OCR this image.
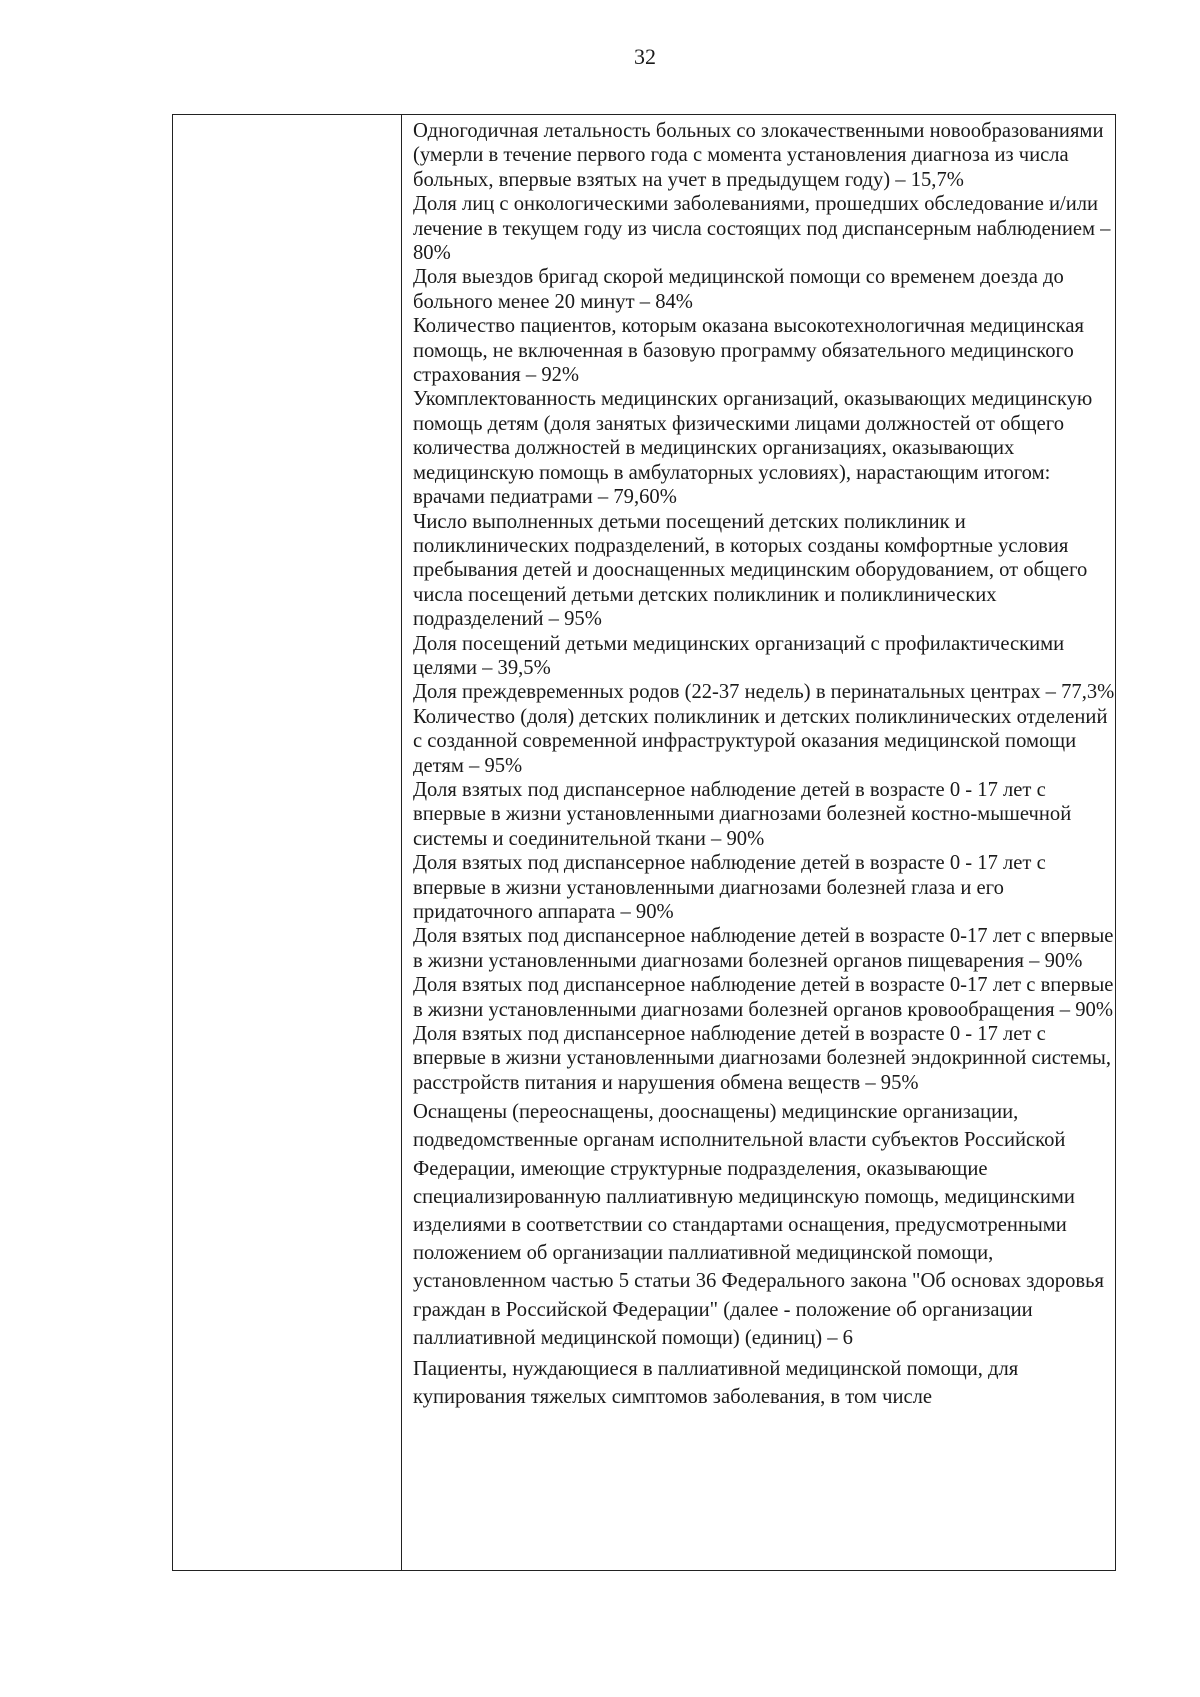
32

Одногодичная летальность больных со злокачественными новообразованиями (умерли в течение первого года с момента установления диагноза из числа больных, впервые взятых на учет в предыдущем году) – 15,7%

Доля лиц с онкологическими заболеваниями, прошедших обследование и/или лечение в текущем году из числа состоящих под диспансерным наблюдением – 80%

Доля выездов бригад скорой медицинской помощи со временем доезда до больного менее 20 минут – 84%

Количество пациентов, которым оказана высокотехнологичная медицинская помощь, не включенная в базовую программу обязательного медицинского страхования – 92%

Укомплектованность медицинских организаций, оказывающих медицинскую помощь детям (доля занятых физическими лицами должностей от общего количества должностей в медицинских организациях, оказывающих медицинскую помощь в амбулаторных условиях), нарастающим итогом: врачами педиатрами – 79,60%

Число выполненных детьми посещений детских поликлиник и поликлинических подразделений, в которых созданы комфортные условия пребывания детей и дооснащенных медицинским оборудованием, от общего числа посещений детьми детских поликлиник и поликлинических подразделений – 95%

Доля посещений детьми медицинских организаций с профилактическими целями – 39,5%

Доля преждевременных родов (22-37 недель) в перинатальных центрах – 77,3%

Количество (доля) детских поликлиник и детских поликлинических отделений с созданной современной инфраструктурой оказания медицинской помощи детям – 95%

Доля взятых под диспансерное наблюдение детей в возрасте 0 - 17 лет с впервые в жизни установленными диагнозами болезней костно-мышечной системы и соединительной ткани – 90%

Доля взятых под диспансерное наблюдение детей в возрасте 0 - 17 лет с впервые в жизни установленными диагнозами болезней глаза и его придаточного аппарата – 90%

Доля взятых под диспансерное наблюдение детей в возрасте 0-17 лет с впервые в жизни установленными диагнозами болезней органов пищеварения – 90%

Доля взятых под диспансерное наблюдение детей в возрасте 0-17 лет с впервые в жизни установленными диагнозами болезней органов кровообращения – 90%

Доля взятых под диспансерное наблюдение детей в возрасте 0 - 17 лет с впервые в жизни установленными диагнозами болезней эндокринной системы, расстройств питания и нарушения обмена веществ – 95%

Оснащены (переоснащены, дооснащены) медицинские организации, подведомственные органам исполнительной власти субъектов Российской Федерации, имеющие структурные подразделения, оказывающие специализированную паллиативную медицинскую помощь, медицинскими изделиями в соответствии со стандартами оснащения, предусмотренными положением об организации паллиативной медицинской помощи, установленном частью 5 статьи 36 Федерального закона "Об основах здоровья граждан в Российской Федерации" (далее - положение об организации паллиативной медицинской помощи) (единиц) – 6

Пациенты, нуждающиеся в паллиативной медицинской помощи, для купирования тяжелых симптомов заболевания, в том числе
